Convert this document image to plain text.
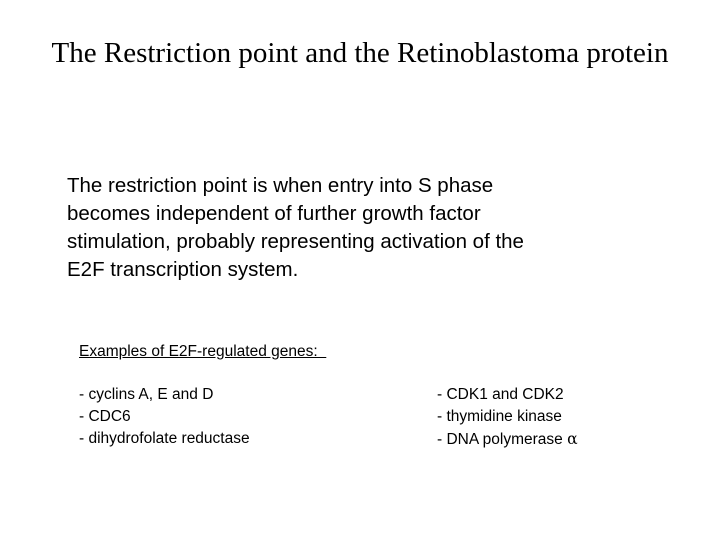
The Restriction point and the Retinoblastoma protein
The restriction point is when entry into S phase
becomes independent of further growth factor
stimulation, probably representing activation of the
E2F transcription system.
Examples of E2F-regulated genes:
- cyclins A, E and D
- CDC6
- dihydrofolate reductase
- CDK1 and CDK2
- thymidine kinase
- DNA polymerase α
